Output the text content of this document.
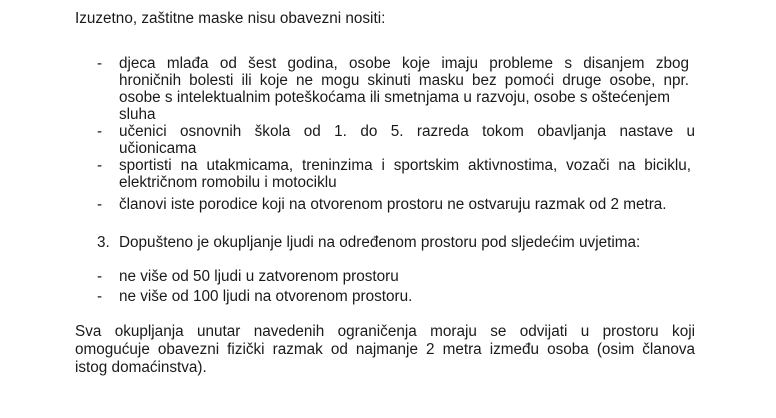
Izuzetno, zaštitne maske nisu obavezni nositi:
- djeca mlađa od šest godina, osobe koje imaju probleme s disanjem zbog
hroničnih bolesti ili koje ne mogu skinuti masku bez pomoći druge osobe, npr.
osobe s intelektualnim poteškoćama ili smetnjama u razvoju, osobe s oštećenjem
sluha
- učenici osnovnih škola od 1. do 5. razreda tokom obavljanja nastave u
učionicama
- sportisti na utakmicama, treninzima i sportskim aktivnostima, vozači na biciklu,
električnom romobilu i motociklu
- članovi iste porodice koji na otvorenom prostoru ne ostvaruju razmak od 2 metra.
3. Dopušteno je okupljanje ljudi na određenom prostoru pod sljedećim uvjetima:
- ne više od 50 ljudi u zatvorenom prostoru
- ne više od 100 ljudi na otvorenom prostoru.
Sva okupljanja unutar navedenih ograničenja moraju se odvijati u prostoru koji
omogućuje obavezni fizički razmak od najmanje 2 metra između osoba (osim članova
istog domaćinstva).
